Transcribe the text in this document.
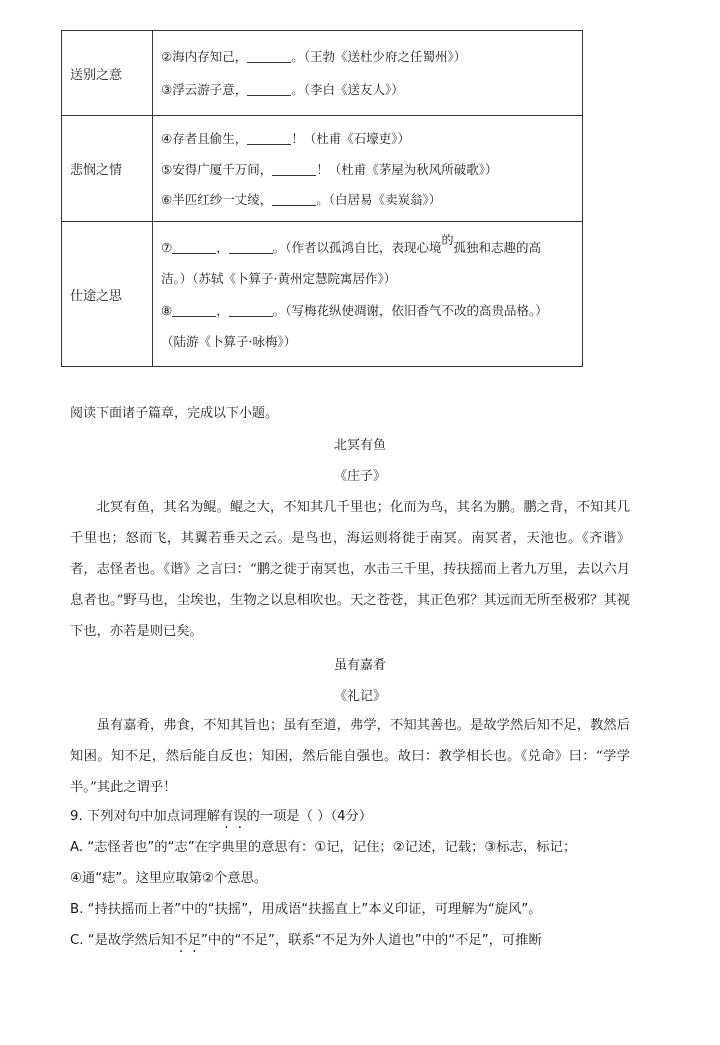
送别之意	②海内存知己， 。（王勃《送杜少府之任蜀州》）
③浮云游子意， 。（李白《送友人》）

悲悯之情	④存者且偷生， ！（杜甫《石壕吏》）
⑤安得广厦千万间， ！（杜甫《茅屋为秋风所破歌》）
⑥半匹红纱一丈绫， 。（白居易《卖炭翁》）

仕途之思	⑦ ， 。（作者以孤鸿自比，表现心境的孤独和志趣的高
洁。）（苏轼《卜算子·黄州定慧院寓居作》）
⑧ ， 。（写梅花纵使凋谢，依旧香气不改的高贵品格。）
（陆游《卜算子·咏梅》）
阅读下面诸子篇章，完成以下小题。
北冥有鱼
《庄子》
北冥有鱼，其名为鲲。鲲之大，不知其几千里也；化而为鸟，其名为鹏。鹏之背，不知其几千里也；怒而飞，其翼若垂天之云。是鸟也，海运则将徙于南冥。南冥者，天池也。《齐谐》者，志怪者也。《谐》之言曰：“鹏之徙于南冥也，水击三千里，抟扶摇而上者九万里，去以六月息者也。”野马也，尘埃也，生物之以息相吹也。天之苍苍，其正色邪？其远而无所至极邪？其视下也，亦若是则已矣。
虽有嘉肴
《礼记》
虽有嘉肴，弗食，不知其旨也；虽有至道，弗学，不知其善也。是故学然后知不足，教然后知困。知不足，然后能自反也；知困，然后能自强也。故曰：教学相长也。《兑命》曰：“学学半。”其此之谓乎！
9. 下列对句中加点词理解有误的一项是（ ）（4分）
A. “志怪者也”的“志”在字典里的意思有：①记，记住；②记述，记载；③标志，标记；
④通“痣”。这里应取第②个意思。
B. “持扶摇而上者”中的“扶摇”，用成语“扶摇直上”本义印证，可理解为“旋风”。
C. “是故学然后知不足”中的“不足”，联系“不足为外人道也”中的“不足”，可推断
